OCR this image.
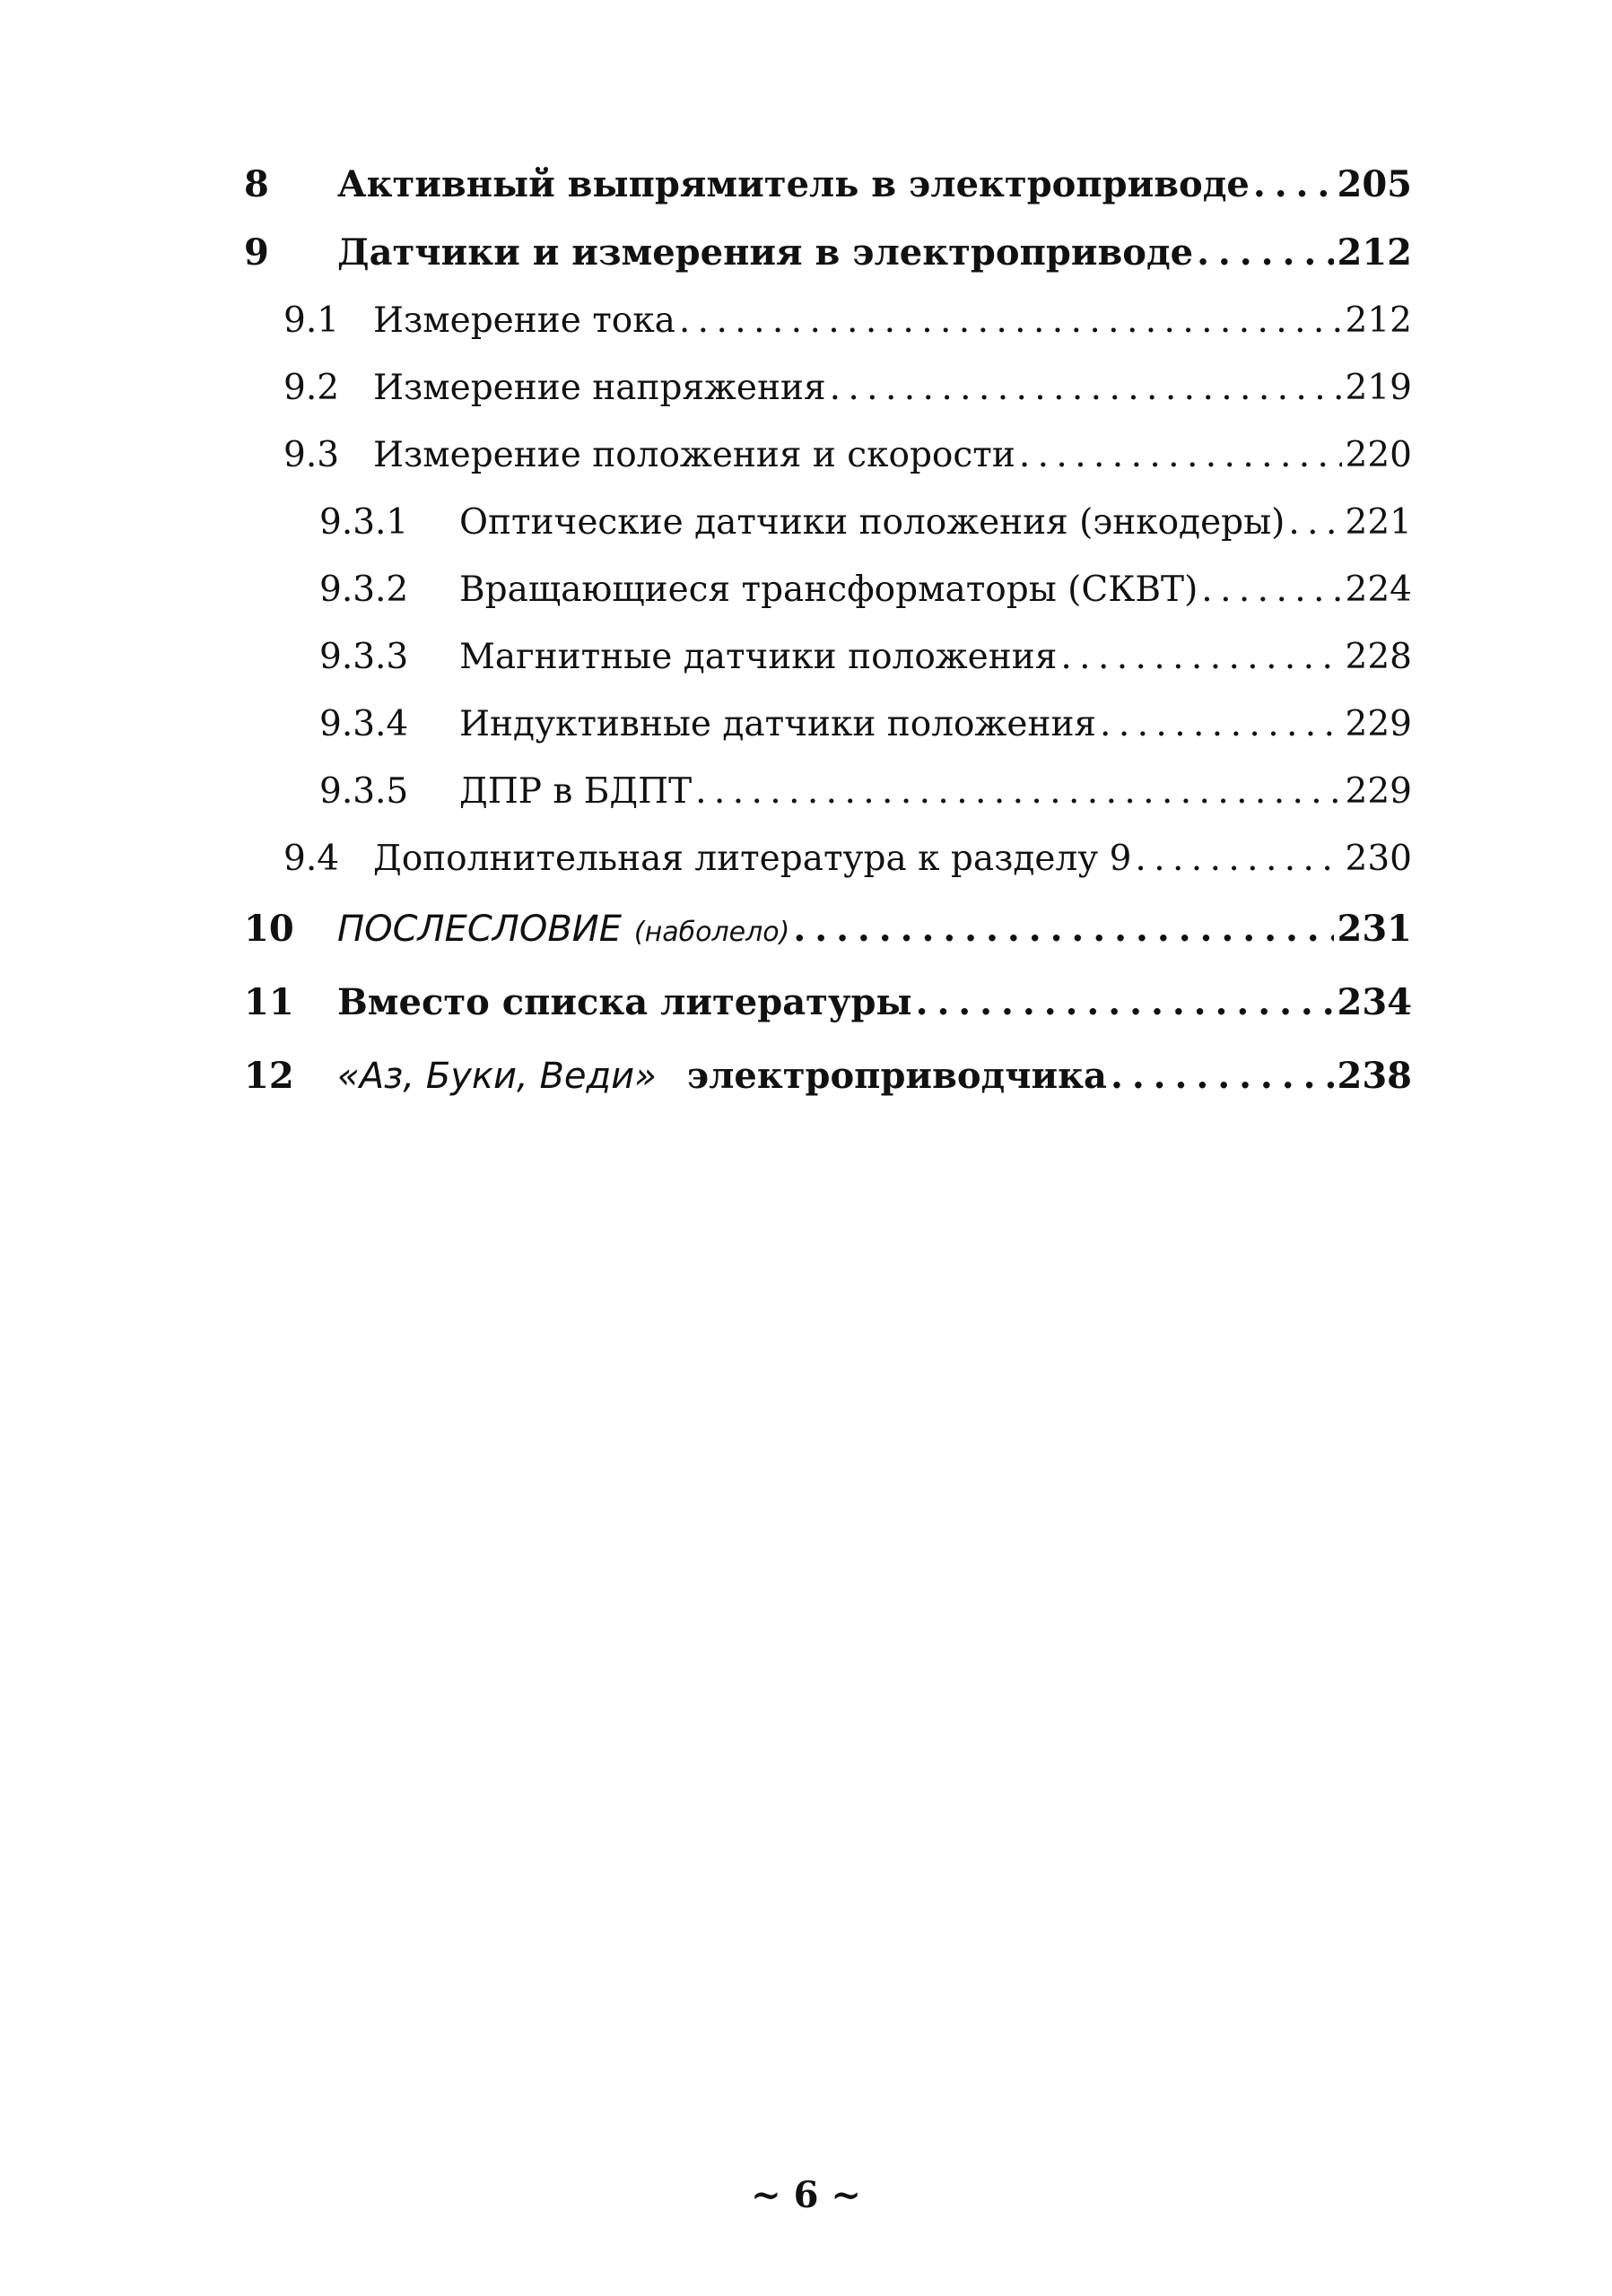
8	Активный выпрямитель в электроприводе . . . 205
9	Датчики и измерения в электроприводе . . .	212
9.1 Измерение тока . . .	212
9.2 Измерение напряжения . . .	219
9.3 Измерение положения и скорости . . .	220
9.3.1	Оптические датчики положения (энкодеры) . . . 221
9.3.2	Вращающиеся трансформаторы (СКВТ) . . .	224
9.3.3	Магнитные датчики положения . . .	228
9.3.4	Индуктивные датчики положения . . .	229
9.3.5	ДПР в БДПТ . . .	229
9.4 Дополнительная литература к разделу 9 . . .	230
10	ПОСЛЕСЛОВИЕ (наболело) . . .	231
11	Вместо списка литературы . . .	234
12	«Аз, Буки, Веди» электроприводчика . . .	238
~ 6 ~
